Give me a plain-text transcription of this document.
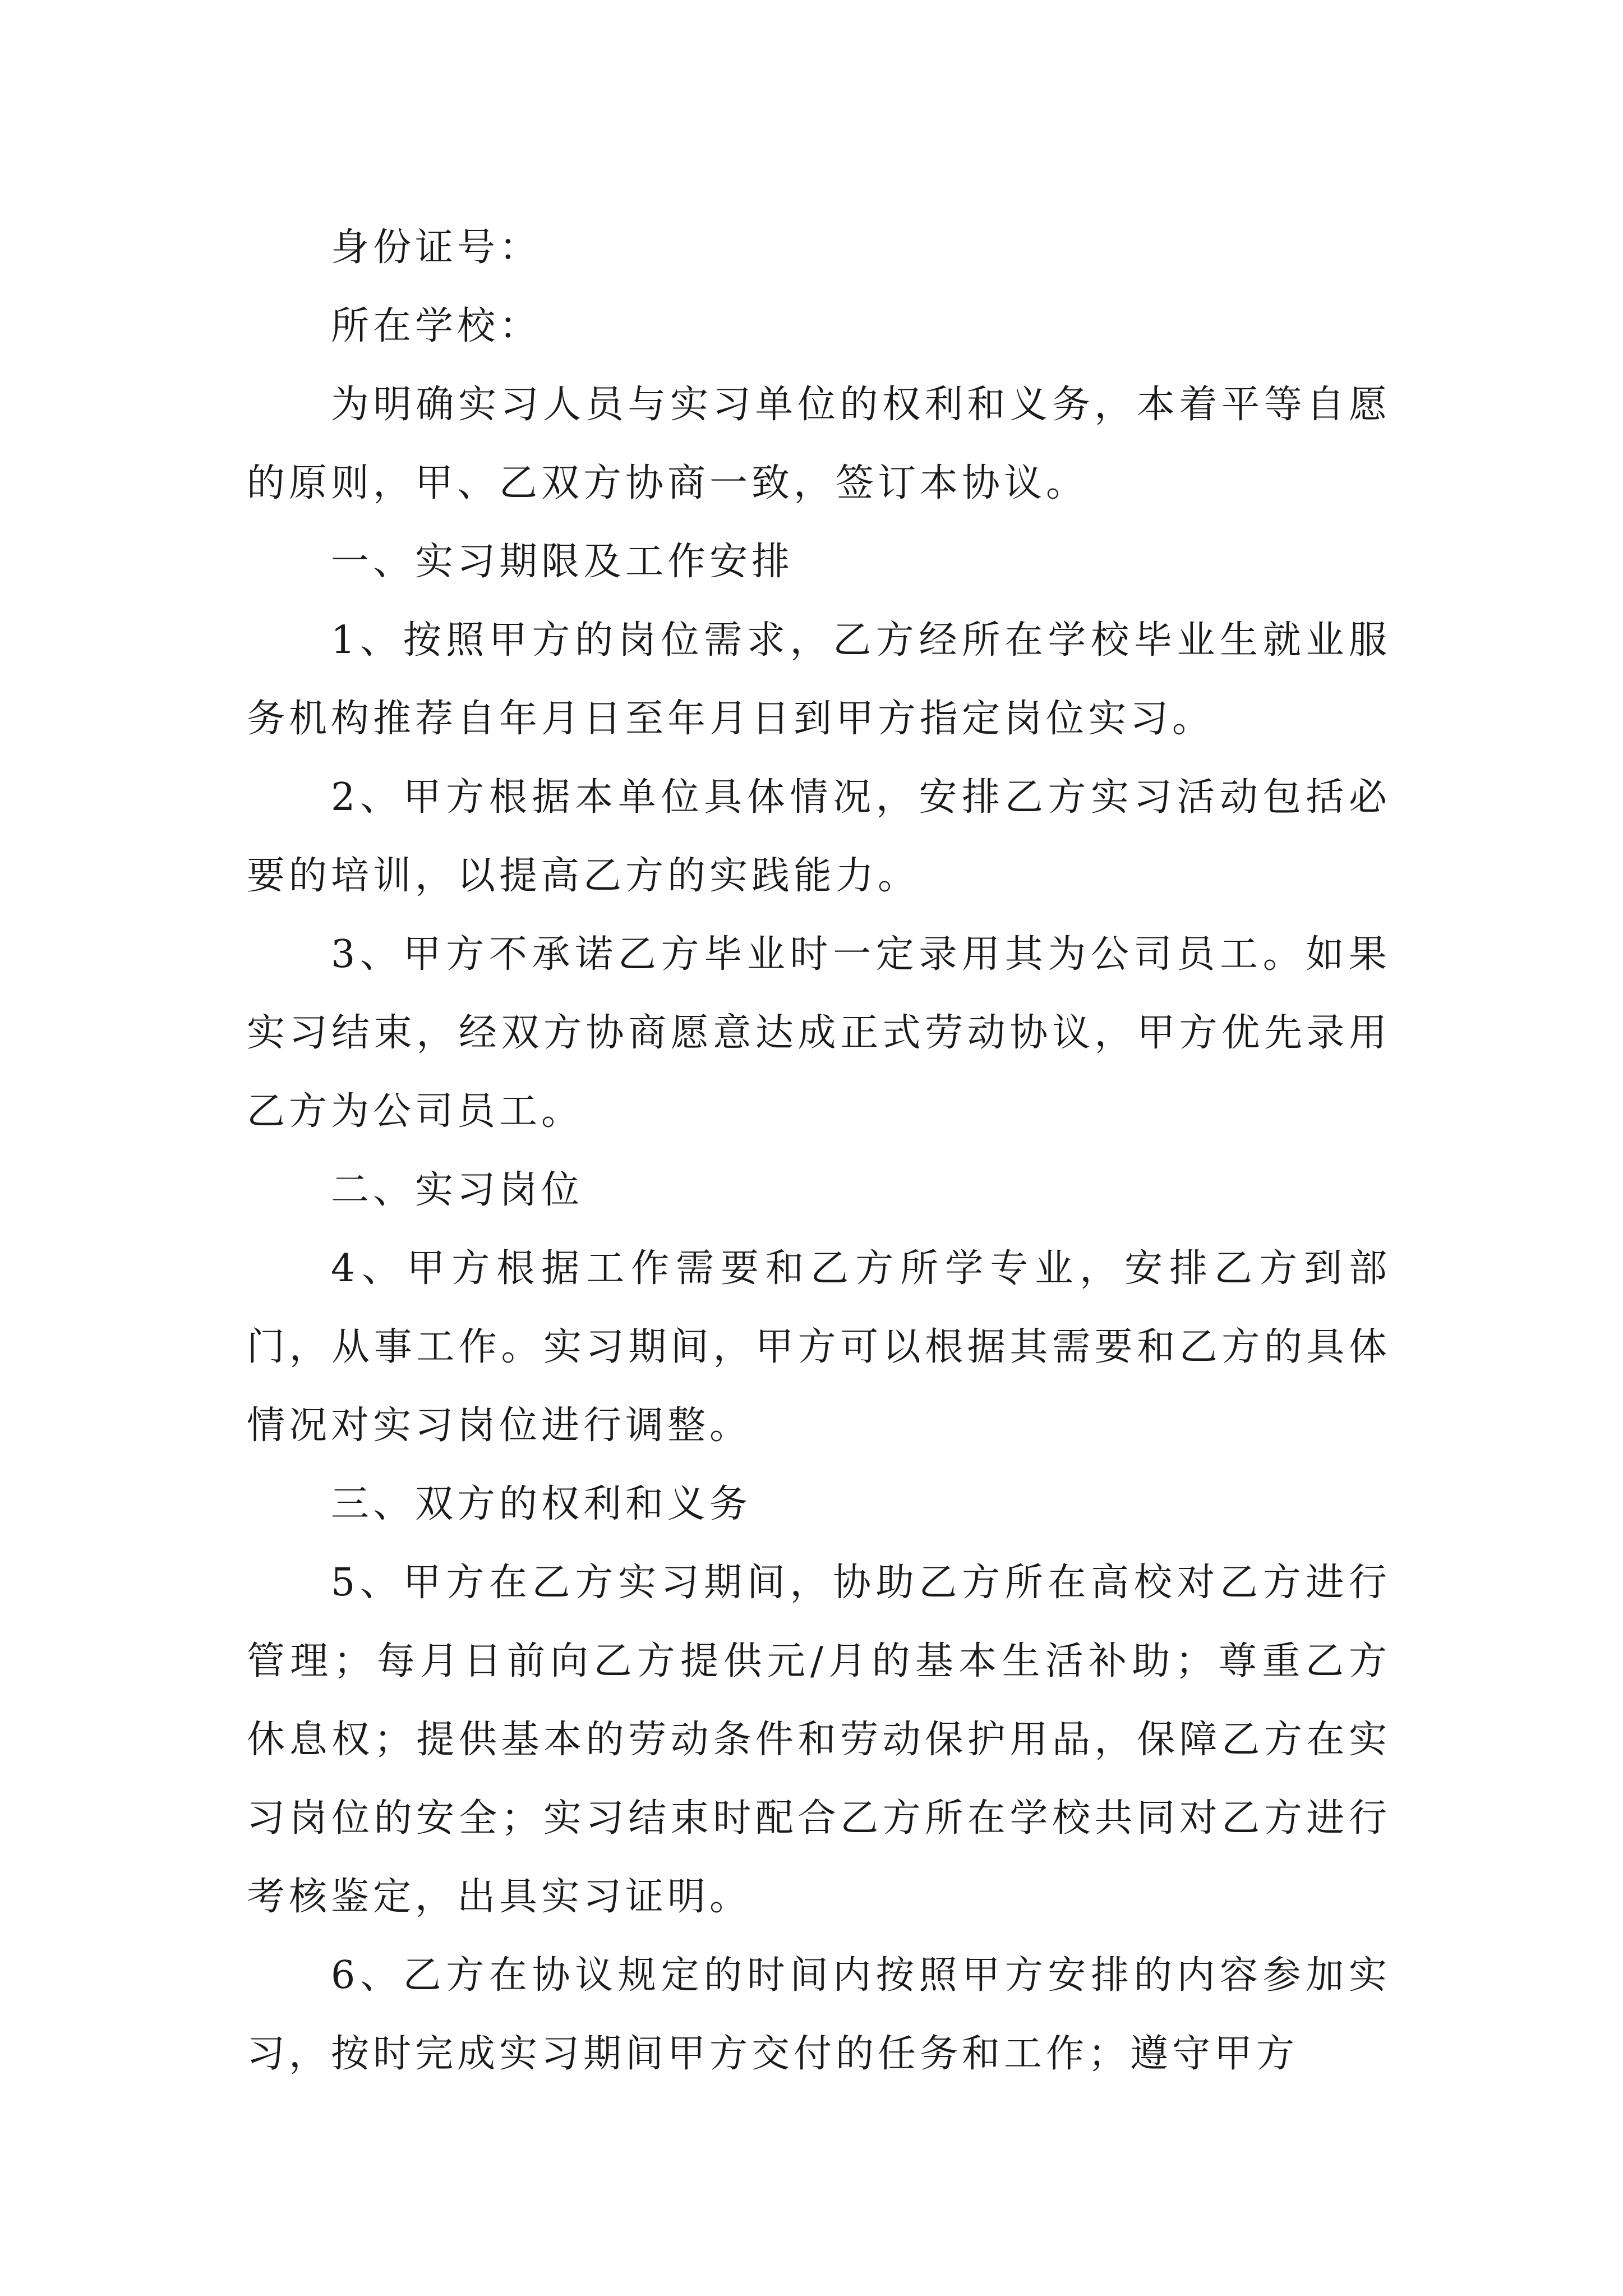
身份证号：

所在学校：

为明确实习人员与实习单位的权利和义务，本着平等自愿的原则，甲、乙双方协商一致，签订本协议。

一、实习期限及工作安排

1、按照甲方的岗位需求，乙方经所在学校毕业生就业服务机构推荐自年月日至年月日到甲方指定岗位实习。

2、甲方根据本单位具体情况，安排乙方实习活动包括必要的培训，以提高乙方的实践能力。

3、甲方不承诺乙方毕业时一定录用其为公司员工。如果实习结束，经双方协商愿意达成正式劳动协议，甲方优先录用乙方为公司员工。

二、实习岗位

4、甲方根据工作需要和乙方所学专业，安排乙方到部门，从事工作。实习期间，甲方可以根据其需要和乙方的具体情况对实习岗位进行调整。

三、双方的权利和义务

5、甲方在乙方实习期间，协助乙方所在高校对乙方进行管理；每月日前向乙方提供元/月的基本生活补助；尊重乙方休息权；提供基本的劳动条件和劳动保护用品，保障乙方在实习岗位的安全；实习结束时配合乙方所在学校共同对乙方进行考核鉴定，出具实习证明。

6、乙方在协议规定的时间内按照甲方安排的内容参加实习，按时完成实习期间甲方交付的任务和工作；遵守甲方
